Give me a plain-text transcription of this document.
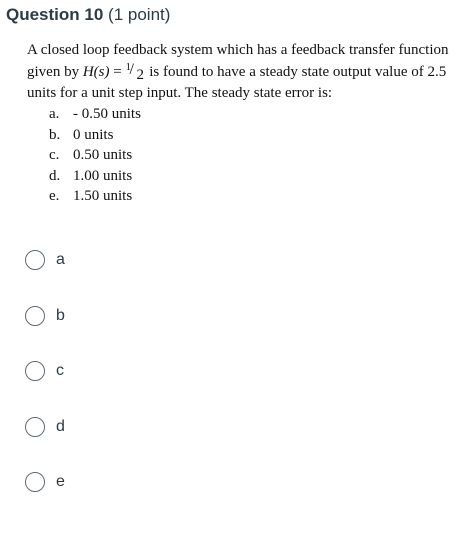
Question 10 (1 point)

A closed loop feedback system which has a feedback transfer function given by H(s) = 1
/ 2 is found to have a steady state output value of 2.5 units for a unit step input. The steady state error is:

a. - 0.50 units
b. 0 units
c. 0.50 units
d. 1.00 units
e. 1.50 units
a
b
c
d
e
